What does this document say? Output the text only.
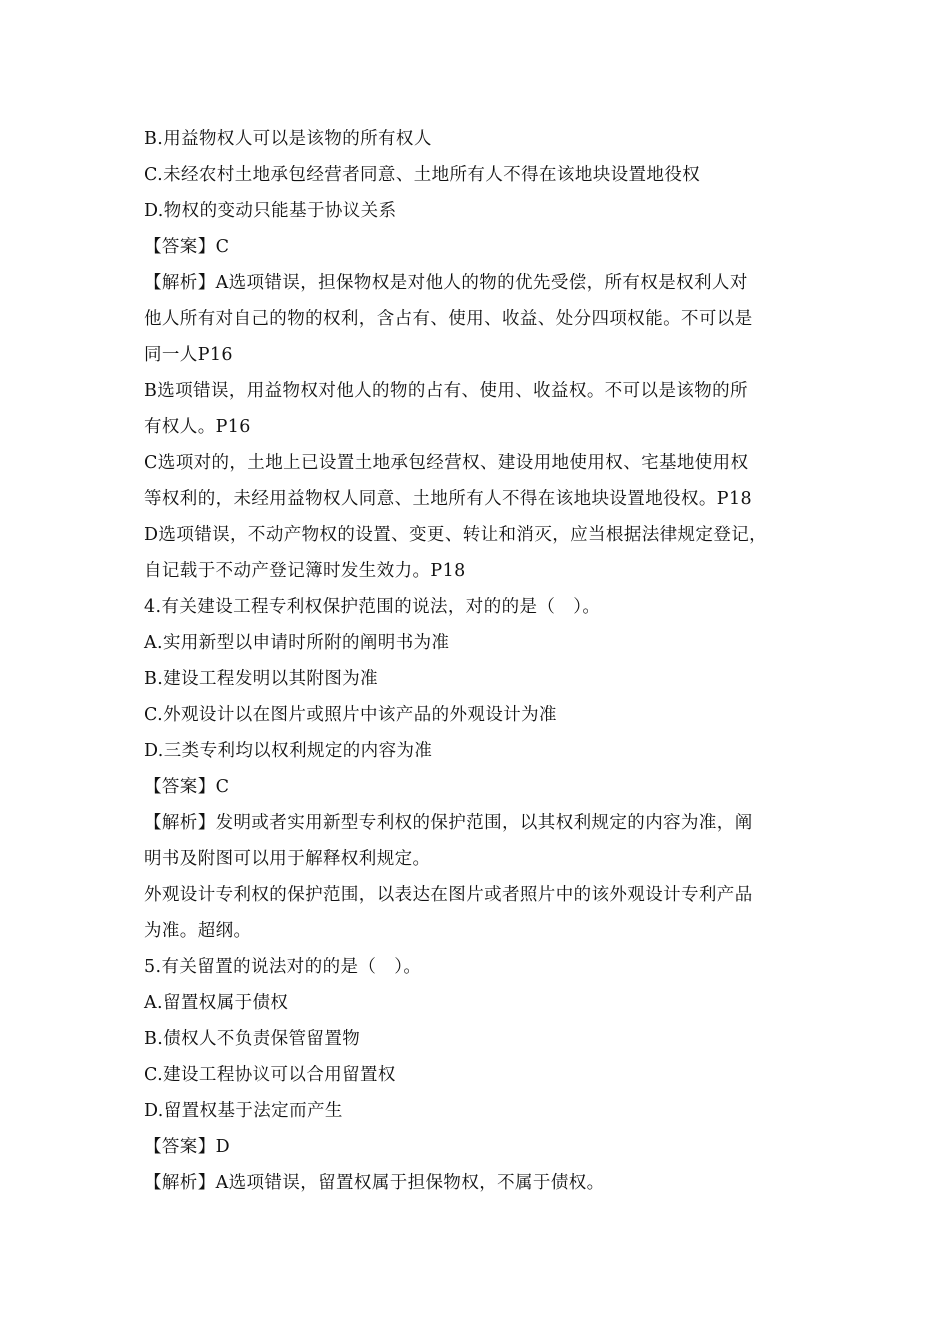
B.用益物权人可以是该物的所有权人
C.未经农村土地承包经营者同意、土地所有人不得在该地块设置地役权
D.物权的变动只能基于协议关系
【答案】C
【解析】A选项错误，担保物权是对他人的物的优先受偿，所有权是权利人对
他人所有对自己的物的权利，含占有、使用、收益、处分四项权能。不可以是
同一人P16
B选项错误，用益物权对他人的物的占有、使用、收益权。不可以是该物的所
有权人。P16
C选项对的，土地上已设置土地承包经营权、建设用地使用权、宅基地使用权
等权利的，未经用益物权人同意、土地所有人不得在该地块设置地役权。P18
D选项错误，不动产物权的设置、变更、转让和消灭，应当根据法律规定登记，
自记载于不动产登记簿时发生效力。P18
4.有关建设工程专利权保护范围的说法，对的的是（　）。
A.实用新型以申请时所附的阐明书为准
B.建设工程发明以其附图为准
C.外观设计以在图片或照片中该产品的外观设计为准
D.三类专利均以权利规定的内容为准
【答案】C
【解析】发明或者实用新型专利权的保护范围，以其权利规定的内容为准，阐
明书及附图可以用于解释权利规定。
外观设计专利权的保护范围，以表达在图片或者照片中的该外观设计专利产品
为准。超纲。
5.有关留置的说法对的的是（　）。
A.留置权属于债权
B.债权人不负责保管留置物
C.建设工程协议可以合用留置权
D.留置权基于法定而产生
【答案】D
【解析】A选项错误，留置权属于担保物权，不属于债权。
